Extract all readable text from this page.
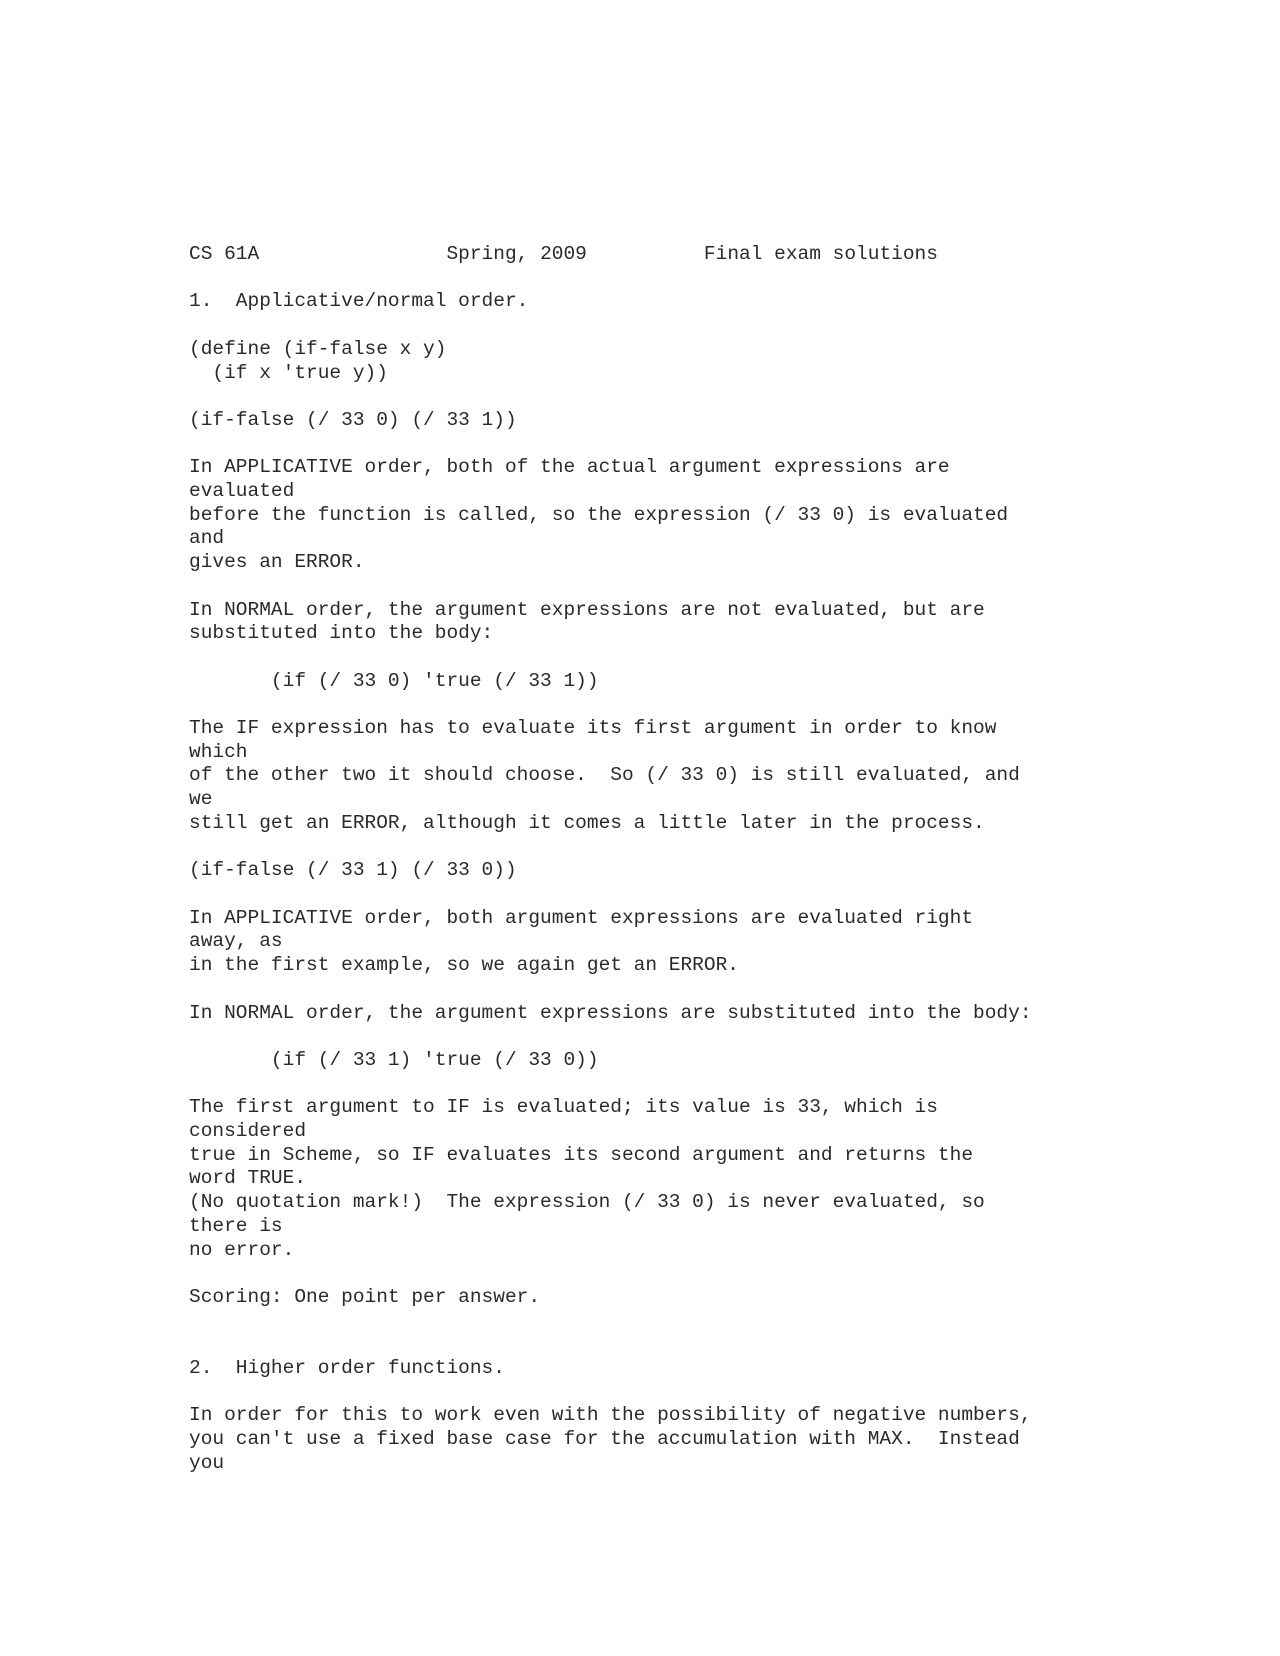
CS 61A	Spring, 2009	Final exam solutions

1.  Applicative/normal order.

(define (if-false x y)
(if x 'true y))

(if-false (/ 33 0) (/ 33 1))

In APPLICATIVE order, both of the actual argument expressions are
evaluated
before the function is called, so the expression (/ 33 0) is evaluated
and
gives an ERROR.

In NORMAL order, the argument expressions are not evaluated, but are
substituted into the body:

(if (/ 33 0) 'true (/ 33 1))

The IF expression has to evaluate its first argument in order to know
which
of the other two it should choose.  So (/ 33 0) is still evaluated, and
we
still get an ERROR, although it comes a little later in the process.

(if-false (/ 33 1) (/ 33 0))

In APPLICATIVE order, both argument expressions are evaluated right
away, as
in the first example, so we again get an ERROR.

In NORMAL order, the argument expressions are substituted into the body:

(if (/ 33 1) 'true (/ 33 0))

The first argument to IF is evaluated; its value is 33, which is
considered
true in Scheme, so IF evaluates its second argument and returns the
word TRUE.
(No quotation mark!)  The expression (/ 33 0) is never evaluated, so
there is
no error.

Scoring: One point per answer.

2.  Higher order functions.

In order for this to work even with the possibility of negative numbers,
you can't use a fixed base case for the accumulation with MAX.  Instead
you
